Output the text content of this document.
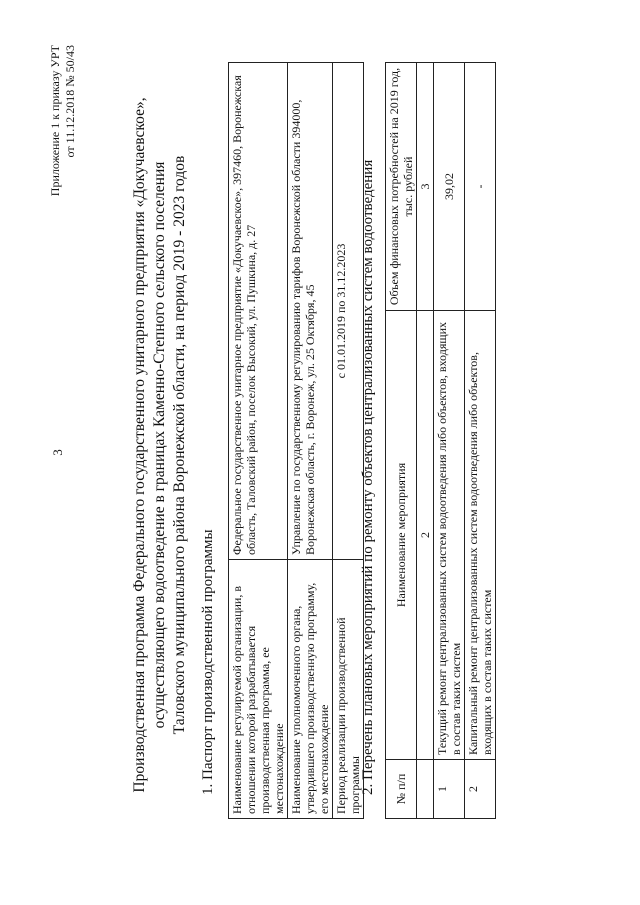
3
Приложение 1 к приказу УРТ от 11.12.2018 № 50/43	Производственная программа Федерального государственного унитарного предприятия «Докучаевское», осуществляющего водоотведение в границах Каменно-Степного сельского поселения Таловского муниципального района Воронежской области, на период 2019 - 2023 годов 1. Паспорт производственной программы Наименование регулируемой организации, в отношении которой разрабатывается производственная программа, ее местонахождение	Федеральное государственное унитарное предприятие «Докучаевское», 397460, Воронежская область, Таловский район, поселок Высокий, ул. Пушкина, д. 27
Наименование уполномоченного органа, утвердившего производственную программу, его местонахождение	Управление по государственному регулированию тарифов Воронежской области 394000, Воронежская область, г. Воронеж, ул. 25 Октября, 45
Период реализации производственной программы	с 01.01.2019 по 31.12.2023 2. Перечень плановых мероприятий по ремонту объектов централизованных систем водоотведения № п/п	Наименование мероприятия	Объем финансовых потребностей на 2019 год, тыс. рублей
	2	3
1	Текущий ремонт централизованных систем водоотведения либо объектов, входящих в состав таких систем	39,02
2	Капитальный ремонт централизованных систем водоотведения либо объектов, входящих в состав таких систем	-
